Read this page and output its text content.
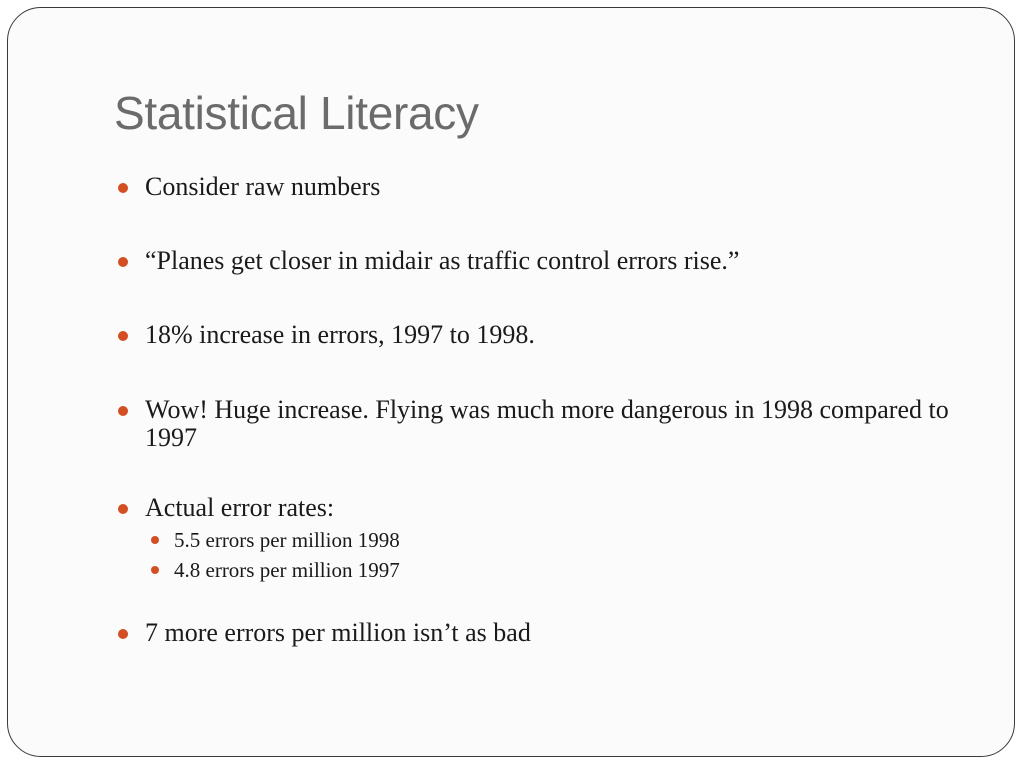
Statistical Literacy
Consider raw numbers
“Planes get closer in midair as traffic control errors rise.”
18% increase in errors, 1997 to 1998.
Wow! Huge increase. Flying was much more dangerous in 1998 compared to 1997
Actual error rates:
5.5 errors per million 1998
4.8 errors per million 1997
7 more errors per million isn’t as bad
